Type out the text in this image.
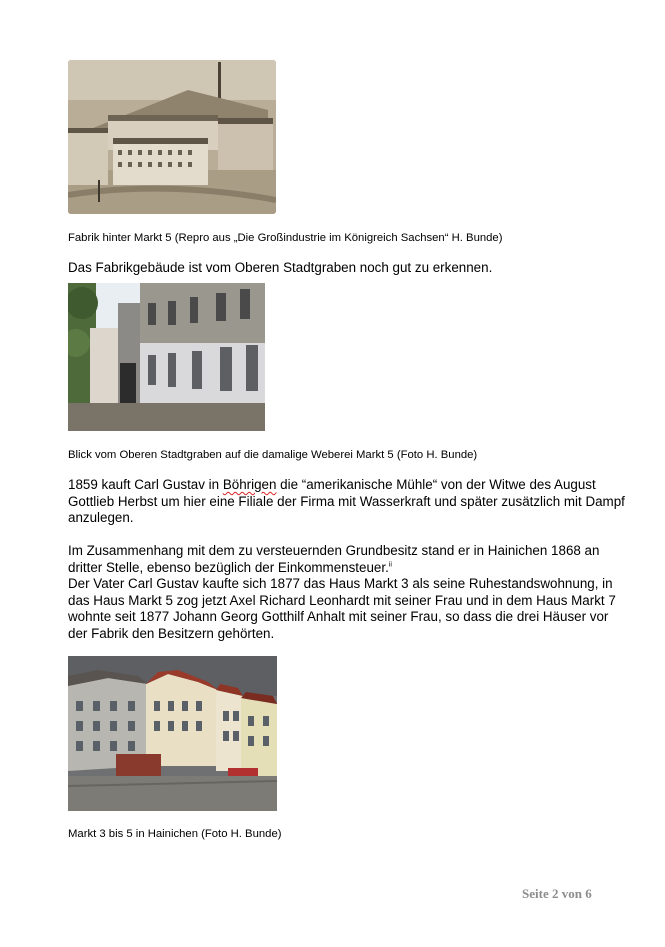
Fabrik hinter Markt 5 (Repro aus „Die Großindustrie im Königreich Sachsen“ H. Bunde)
Das Fabrikgebäude ist vom Oberen Stadtgraben noch gut zu erkennen.
Blick vom Oberen Stadtgraben auf die damalige Weberei Markt 5 (Foto H. Bunde)
1859 kauft Carl Gustav in Böhrigen die “amerikanische Mühle“ von der Witwe des August Gottlieb Herbst um hier eine Filiale der Firma mit Wasserkraft und später zusätzlich mit Dampf anzulegen.
Im Zusammenhang mit dem zu versteuernden Grundbesitz stand er in Hainichen 1868 an dritter Stelle, ebenso bezüglich der Einkommensteuer.$^{ii}$
Der Vater Carl Gustav kaufte sich 1877 das Haus Markt 3 als seine Ruhestandswohnung, in das Haus Markt 5 zog jetzt Axel Richard Leonhardt mit seiner Frau und in dem Haus Markt 7 wohnte seit 1877 Johann Georg Gotthilf Anhalt mit seiner Frau, so dass die drei Häuser vor der Fabrik den Besitzern gehörten.
Markt 3 bis 5 in Hainichen (Foto H. Bunde)
Seite 2 von 6
